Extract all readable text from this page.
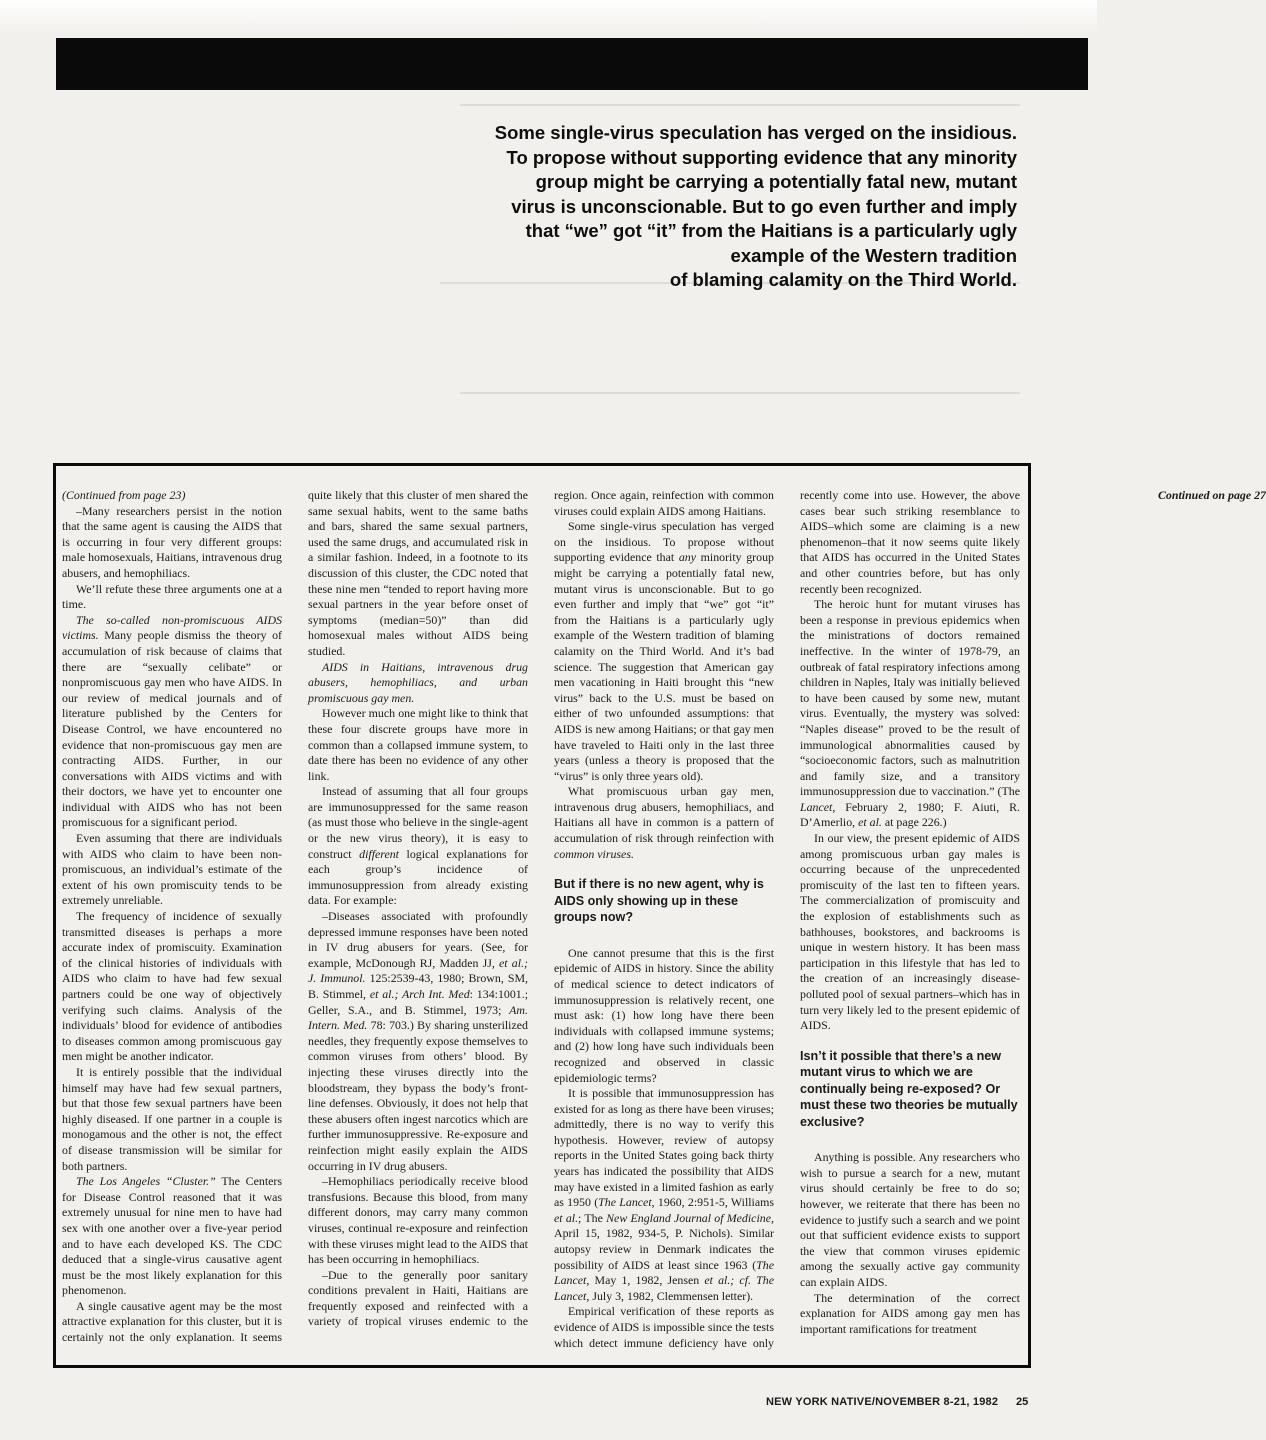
Some single-virus speculation has verged on the insidious.
To propose without supporting evidence that any minority
group might be carrying a potentially fatal new, mutant
virus is unconscionable. But to go even further and imply
that “we” got “it” from the Haitians is a particularly ugly
example of the Western tradition
of blaming calamity on the Third World.

(Continued from page 23)

–Many researchers persist in the notion that the same agent is causing the AIDS that is occurring in four very different groups: male homosexuals, Haitians, intravenous drug abusers, and hemophiliacs.

We’ll refute these three arguments one at a time.

The so-called non-promiscuous AIDS victims. Many people dismiss the theory of accumulation of risk because of claims that there are “sexually celibate” or nonpromiscuous gay men who have AIDS. In our review of medical journals and of literature published by the Centers for Disease Control, we have encountered no evidence that non-promiscuous gay men are contracting AIDS. Further, in our conversations with AIDS victims and with their doctors, we have yet to encounter one individual with AIDS who has not been promiscuous for a significant period.

Even assuming that there are individuals with AIDS who claim to have been non-promiscuous, an individual’s estimate of the extent of his own promiscuity tends to be extremely unreliable.

The frequency of incidence of sexually transmitted diseases is perhaps a more accurate index of promiscuity. Examination of the clinical histories of individuals with AIDS who claim to have had few sexual partners could be one way of objectively verifying such claims. Analysis of the individuals’ blood for evidence of antibodies to diseases common among promiscuous gay men might be another indicator.

It is entirely possible that the individual himself may have had few sexual partners, but that those few sexual partners have been highly diseased. If one partner in a couple is monogamous and the other is not, the effect of disease transmission will be similar for both partners.

The Los Angeles “Cluster.” The Centers for Disease Control reasoned that it was extremely unusual for nine men to have had sex with one another over a five-year period and to have each developed KS. The CDC deduced that a single-virus causative agent must be the most likely explanation for this phenomenon.

A single causative agent may be the most attractive explanation for this cluster, but it is certainly not the only explanation. It seems quite likely that this cluster of men shared the same sexual habits, went to the same baths and bars, shared the same sexual partners, used the same drugs, and accumulated risk in a similar fashion. Indeed, in a footnote to its discussion of this cluster, the CDC noted that these nine men “tended to report having more sexual partners in the year before onset of symptoms (median=50)” than did homosexual males without AIDS being studied.

AIDS in Haitians, intravenous drug abusers, hemophiliacs, and urban promiscuous gay men.

However much one might like to think that these four discrete groups have more in common than a collapsed immune system, to date there has been no evidence of any other link.

Instead of assuming that all four groups are immunosuppressed for the same reason (as must those who believe in the single-agent or the new virus theory), it is easy to construct different logical explanations for each group’s incidence of immunosuppression from already existing data. For example:

–Diseases associated with profoundly depressed immune responses have been noted in IV drug abusers for years. (See, for example, McDonough RJ, Madden JJ, et al.; J. Immunol. 125:2539-43, 1980; Brown, SM, B. Stimmel, et al.; Arch Int. Med: 134:1001.; Geller, S.A., and B. Stimmel, 1973; Am. Intern. Med. 78: 703.) By sharing unsterilized needles, they frequently expose themselves to common viruses from others’ blood. By injecting these viruses directly into the bloodstream, they bypass the body’s front-line defenses. Obviously, it does not help that these abusers often ingest narcotics which are further immunosuppressive. Re-exposure and reinfection might easily explain the AIDS occurring in IV drug abusers.

–Hemophiliacs periodically receive blood transfusions. Because this blood, from many different donors, may carry many common viruses, continual re-exposure and reinfection with these viruses might lead to the AIDS that has been occurring in hemophiliacs.

–Due to the generally poor sanitary conditions prevalent in Haiti, Haitians are frequently exposed and reinfected with a variety of tropical viruses endemic to the region. Once again, reinfection with common viruses could explain AIDS among Haitians.

Some single-virus speculation has verged on the insidious. To propose without supporting evidence that any minority group might be carrying a potentially fatal new, mutant virus is unconscionable. But to go even further and imply that “we” got “it” from the Haitians is a particularly ugly example of the Western tradition of blaming calamity on the Third World. And it’s bad science. The suggestion that American gay men vacationing in Haiti brought this “new virus” back to the U.S. must be based on either of two unfounded assumptions: that AIDS is new among Haitians; or that gay men have traveled to Haiti only in the last three years (unless a theory is proposed that the “virus” is only three years old).

What promiscuous urban gay men, intravenous drug abusers, hemophiliacs, and Haitians all have in common is a pattern of accumulation of risk through reinfection with common viruses.

But if there is no new agent, why is AIDS only showing up in these groups now?

One cannot presume that this is the first epidemic of AIDS in history. Since the ability of medical science to detect indicators of immunosuppression is relatively recent, one must ask: (1) how long have there been individuals with collapsed immune systems; and (2) how long have such individuals been recognized and observed in classic epidemiologic terms?

It is possible that immunosuppression has existed for as long as there have been viruses; admittedly, there is no way to verify this hypothesis. However, review of autopsy reports in the United States going back thirty years has indicated the possibility that AIDS may have existed in a limited fashion as early as 1950 (The Lancet, 1960, 2:951-5, Williams et al.; The New England Journal of Medicine, April 15, 1982, 934-5, P. Nichols). Similar autopsy review in Denmark indicates the possibility of AIDS at least since 1963 (The Lancet, May 1, 1982, Jensen et al.; cf. The Lancet, July 3, 1982, Clemmensen letter).

Empirical verification of these reports as evidence of AIDS is impossible since the tests which detect immune deficiency have only recently come into use. However, the above cases bear such striking resemblance to AIDS–which some are claiming is a new phenomenon–that it now seems quite likely that AIDS has occurred in the United States and other countries before, but has only recently been recognized.

The heroic hunt for mutant viruses has been a response in previous epidemics when the ministrations of doctors remained ineffective. In the winter of 1978-79, an outbreak of fatal respiratory infections among children in Naples, Italy was initially believed to have been caused by some new, mutant virus. Eventually, the mystery was solved: “Naples disease” proved to be the result of immunological abnormalities caused by “socioeconomic factors, such as malnutrition and family size, and a transitory immunosuppression due to vaccination.” (The Lancet, February 2, 1980; F. Aiuti, R. D’Amerlio, et al. at page 226.)

In our view, the present epidemic of AIDS among promiscuous urban gay males is occurring because of the unprecedented promiscuity of the last ten to fifteen years. The commercialization of promiscuity and the explosion of establishments such as bathhouses, bookstores, and backrooms is unique in western history. It has been mass participation in this lifestyle that has led to the creation of an increasingly disease-polluted pool of sexual partners–which has in turn very likely led to the present epidemic of AIDS.

Isn’t it possible that there’s a new mutant virus to which we are continually being re-exposed? Or must these two theories be mutually exclusive?

Anything is possible. Any researchers who wish to pursue a search for a new, mutant virus should certainly be free to do so; however, we reiterate that there has been no evidence to justify such a search and we point out that sufficient evidence exists to support the view that common viruses epidemic among the sexually active gay community can explain AIDS.

The determination of the correct explanation for AIDS among gay men has important ramifications for treatment

Continued on page 27

NEW YORK NATIVE/NOVEMBER 8-21, 1982 25
